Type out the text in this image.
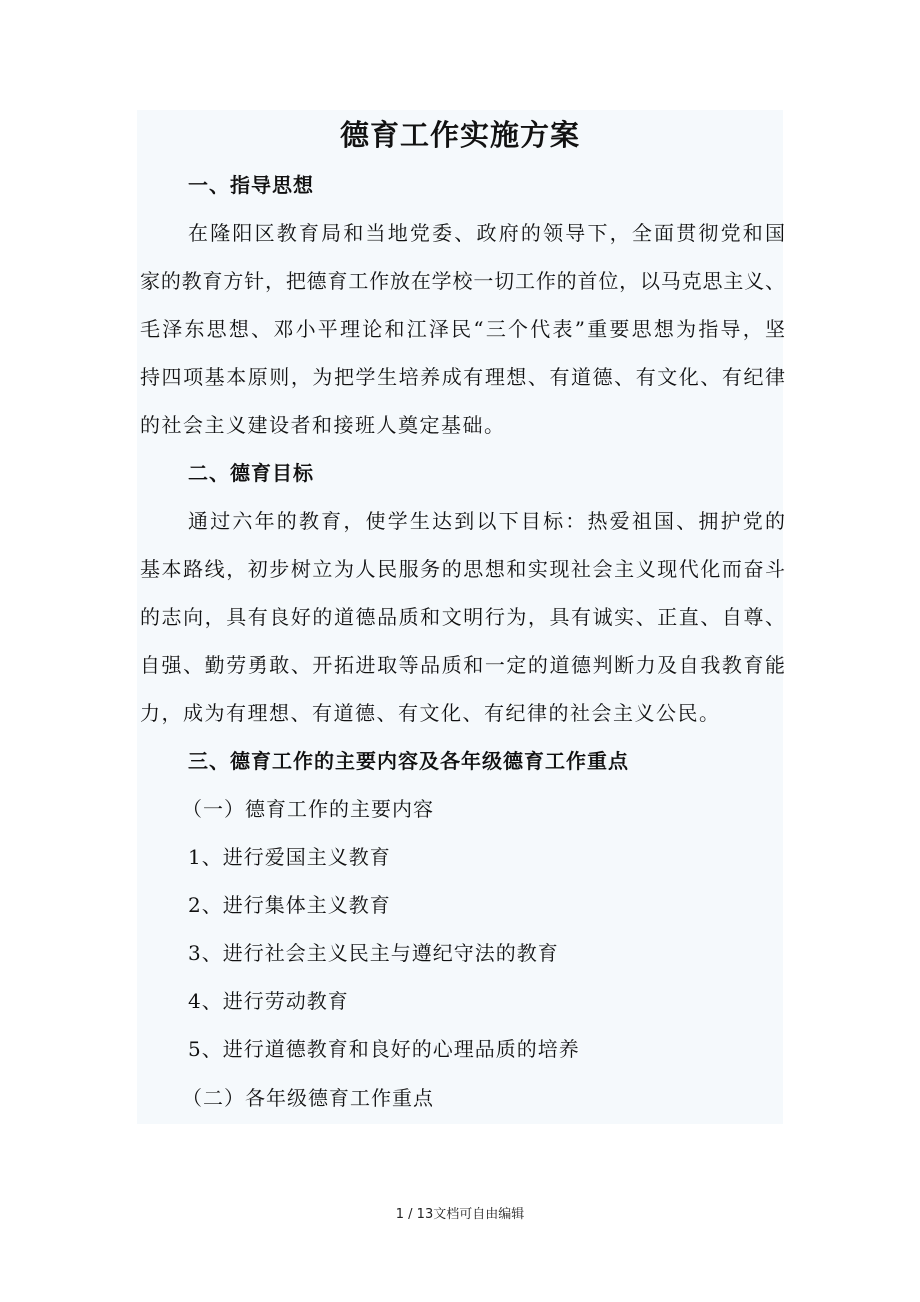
德育工作实施方案
一、指导思想
在隆阳区教育局和当地党委、政府的领导下，全面贯彻党和国
家的教育方针，把德育工作放在学校一切工作的首位，以马克思主义、
毛泽东思想、邓小平理论和江泽民“三个代表”重要思想为指导，坚
持四项基本原则，为把学生培养成有理想、有道德、有文化、有纪律
的社会主义建设者和接班人奠定基础。
二、德育目标
通过六年的教育，使学生达到以下目标：热爱祖国、拥护党的
基本路线，初步树立为人民服务的思想和实现社会主义现代化而奋斗
的志向，具有良好的道德品质和文明行为，具有诚实、正直、自尊、
自强、勤劳勇敢、开拓进取等品质和一定的道德判断力及自我教育能
力，成为有理想、有道德、有文化、有纪律的社会主义公民。
三、德育工作的主要内容及各年级德育工作重点
（一）德育工作的主要内容
1、进行爱国主义教育
2、进行集体主义教育
3、进行社会主义民主与遵纪守法的教育
4、进行劳动教育
5、进行道德教育和良好的心理品质的培养
（二）各年级德育工作重点
1 / 13文档可自由编辑
